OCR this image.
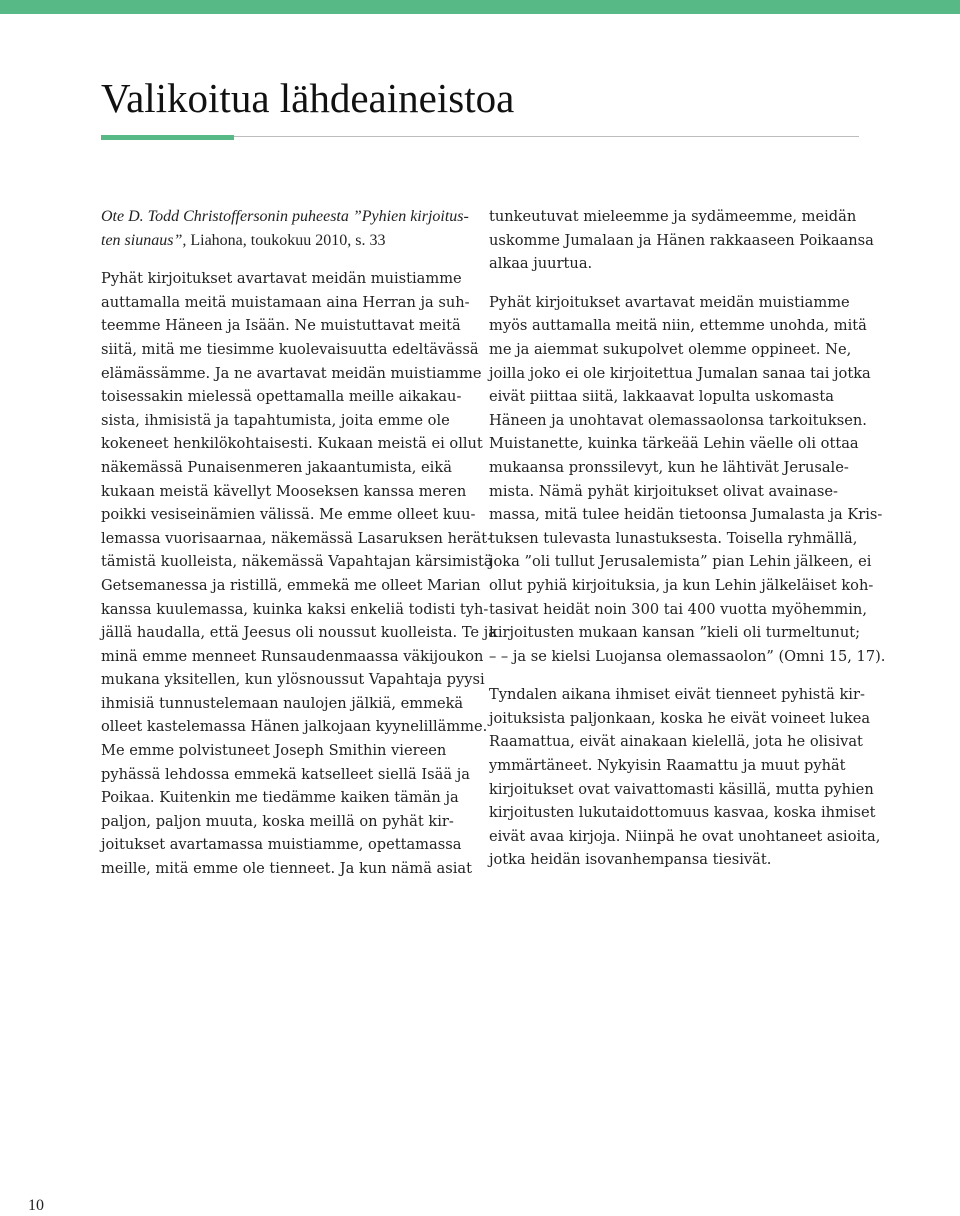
Valikoitua lähdeaineistoa

Ote D. Todd Christoffersonin puheesta ”Pyhien kirjoitus-
ten siunaus”, Liahona, toukokuu 2010, s. 33

Pyhät kirjoitukset avartavat meidän muistiamme
auttamalla meitä muistamaan aina Herran ja suh-
teemme Häneen ja Isään. Ne muistuttavat meitä
siitä, mitä me tiesimme kuolevaisuutta edeltävässä
elämässämme. Ja ne avartavat meidän muistiamme
toisessakin mielessä opettamalla meille aikakau-
sista, ihmisistä ja tapahtumista, joita emme ole
kokeneet henkilökohtaisesti. Kukaan meistä ei ollut
näkemässä Punaisenmeren jakaantumista, eikä
kukaan meistä kävellyt Mooseksen kanssa meren
poikki vesiseinämien välissä. Me emme olleet kuu-
lemassa vuorisaarnaa, näkemässä Lasaruksen herät-
tämistä kuolleista, näkemässä Vapahtajan kärsimistä
Getsemanessa ja ristillä, emmekä me olleet Marian
kanssa kuulemassa, kuinka kaksi enkeliä todisti tyh-
jällä haudalla, että Jeesus oli noussut kuolleista. Te ja
minä emme menneet Runsaudenmaassa väkijoukon
mukana yksitellen, kun ylösnoussut Vapahtaja pyysi
ihmisiä tunnustelemaan naulojen jälkiä, emmekä
olleet kastelemassa Hänen jalkojaan kyynelillämme.
Me emme polvistuneet Joseph Smithin viereen
pyhässä lehdossa emmekä katselleet siellä Isää ja
Poikaa. Kuitenkin me tiedämme kaiken tämän ja
paljon, paljon muuta, koska meillä on pyhät kir-
joitukset avartamassa muistiamme, opettamassa
meille, mitä emme ole tienneet. Ja kun nämä asiat

tunkeutuvat mieleemme ja sydämeemme, meidän
uskomme Jumalaan ja Hänen rakkaaseen Poikaansa
alkaa juurtua.

Pyhät kirjoitukset avartavat meidän muistiamme
myös auttamalla meitä niin, ettemme unohda, mitä
me ja aiemmat sukupolvet olemme oppineet. Ne,
joilla joko ei ole kirjoitettua Jumalan sanaa tai jotka
eivät piittaa siitä, lakkaavat lopulta uskomasta
Häneen ja unohtavat olemassaolonsa tarkoituksen.
Muistanette, kuinka tärkeää Lehin väelle oli ottaa
mukaansa pronssilevyt, kun he lähtivät Jerusale-
mista. Nämä pyhät kirjoitukset olivat avainase-
massa, mitä tulee heidän tietoonsa Jumalasta ja Kris-
tuksen tulevasta lunastuksesta. Toisella ryhmällä,
joka ”oli tullut Jerusalemista” pian Lehin jälkeen, ei
ollut pyhiä kirjoituksia, ja kun Lehin jälkeläiset koh-
tasivat heidät noin 300 tai 400 vuotta myöhemmin,
kirjoitusten mukaan kansan ”kieli oli turmeltunut;
– – ja se kielsi Luojansa olemassaolon” (Omni 15, 17).

Tyndalen aikana ihmiset eivät tienneet pyhistä kir-
joituksista paljonkaan, koska he eivät voineet lukea
Raamattua, eivät ainakaan kielellä, jota he olisivat
ymmärtäneet. Nykyisin Raamattu ja muut pyhät
kirjoitukset ovat vaivattomasti käsillä, mutta pyhien
kirjoitusten lukutaidottomuus kasvaa, koska ihmiset
eivät avaa kirjoja. Niinpä he ovat unohtaneet asioita,
jotka heidän isovanhempansa tiesivät.

10
